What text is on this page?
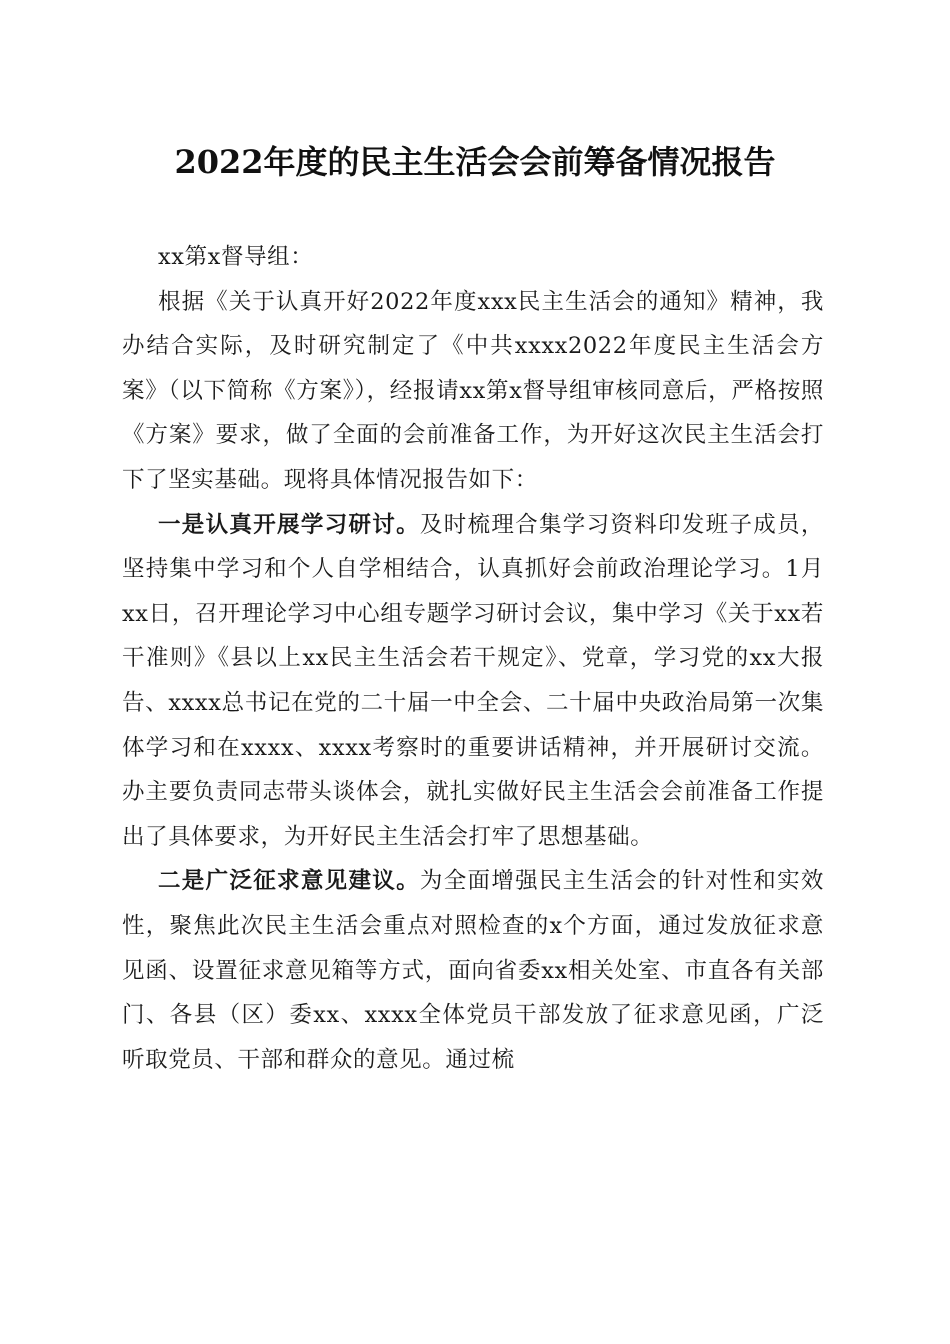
2022年度的民主生活会会前筹备情况报告

xx第x督导组：

根据《关于认真开好2022年度xxx民主生活会的通知》精神，我办结合实际，及时研究制定了《中共xxxx2022年度民主生活会方案》（以下简称《方案》），经报请xx第x督导组审核同意后，严格按照《方案》要求，做了全面的会前准备工作，为开好这次民主生活会打下了坚实基础。现将具体情况报告如下：

一是认真开展学习研讨。及时梳理合集学习资料印发班子成员，坚持集中学习和个人自学相结合，认真抓好会前政治理论学习。1月xx日，召开理论学习中心组专题学习研讨会议，集中学习《关于xx若干准则》《县以上xx民主生活会若干规定》、党章，学习党的xx大报告、xxxx总书记在党的二十届一中全会、二十届中央政治局第一次集体学习和在xxxx、xxxx考察时的重要讲话精神，并开展研讨交流。办主要负责同志带头谈体会，就扎实做好民主生活会会前准备工作提出了具体要求，为开好民主生活会打牢了思想基础。

二是广泛征求意见建议。为全面增强民主生活会的针对性和实效性，聚焦此次民主生活会重点对照检查的x个方面，通过发放征求意见函、设置征求意见箱等方式，面向省委xx相关处室、市直各有关部门、各县（区）委xx、xxxx全体党员干部发放了征求意见函，广泛听取党员、干部和群众的意见。通过梳
